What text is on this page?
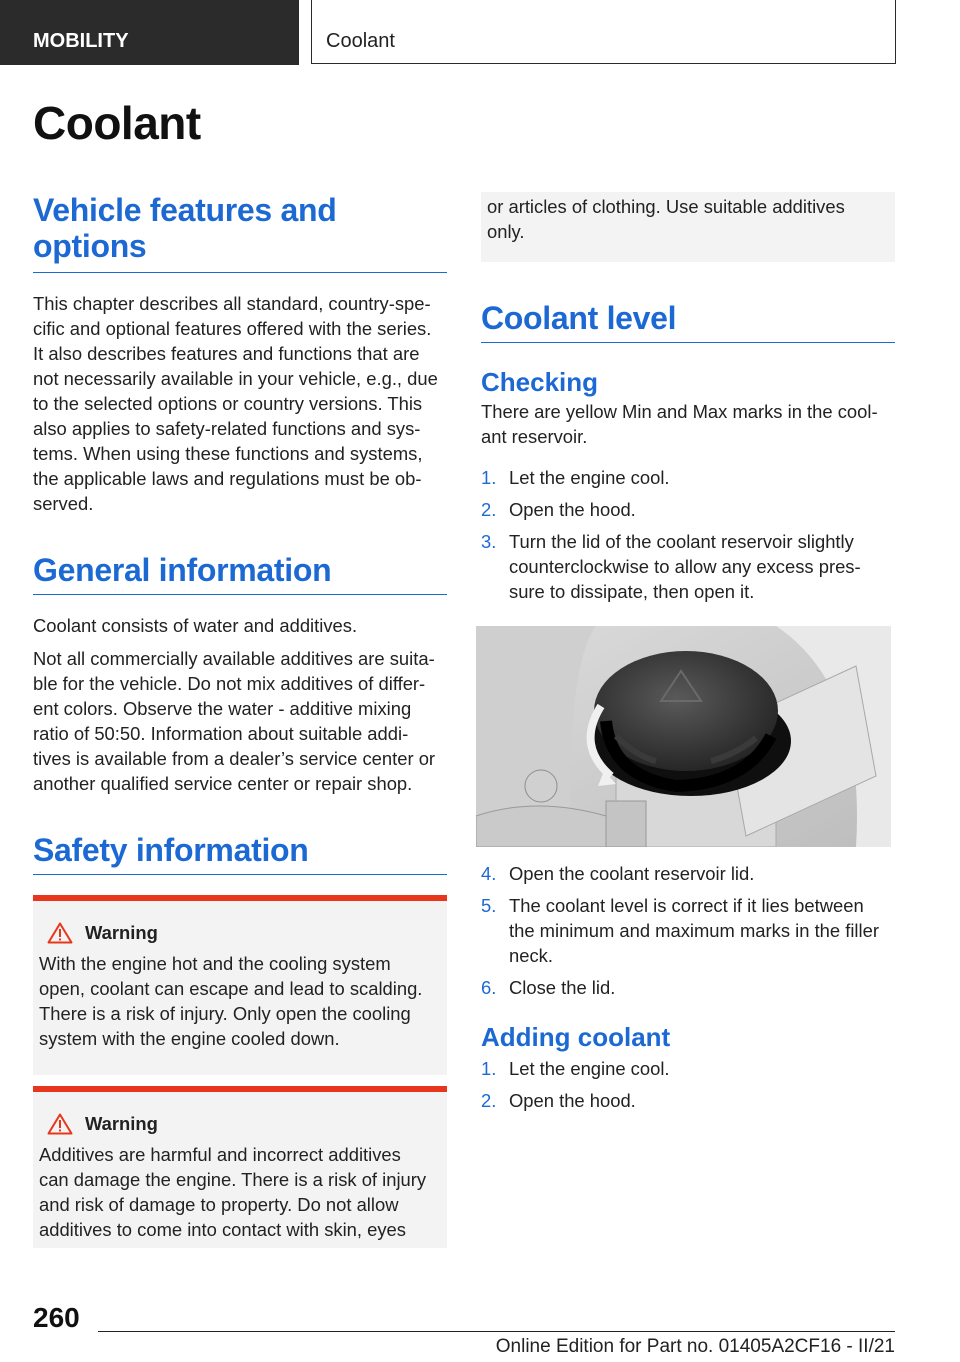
MOBILITY	Coolant
Coolant
Vehicle features and
options

This chapter describes all standard, country-spe‐
cific and optional features offered with the series.
It also describes features and functions that are
not necessarily available in your vehicle, e.g., due
to the selected options or country versions. This
also applies to safety-related functions and sys‐
tems. When using these functions and systems,
the applicable laws and regulations must be ob‐
served.

General information

Coolant consists of water and additives.

Not all commercially available additives are suita‐
ble for the vehicle. Do not mix additives of differ‐
ent colors. Observe the water - additive mixing
ratio of 50:50. Information about suitable addi‐
tives is available from a dealer’s service center or
another qualified service center or repair shop.

Safety information
Warning

With the engine hot and the cooling system
open, coolant can escape and lead to scalding.
There is a risk of injury. Only open the cooling
system with the engine cooled down.

Warning

Additives are harmful and incorrect additives
can damage the engine. There is a risk of injury
and risk of damage to property. Do not allow
additives to come into contact with skin, eyes

or articles of clothing. Use suitable additives
only.

Coolant level
Checking

There are yellow Min and Max marks in the cool‐
ant reservoir.

1. Let the engine cool.
2. Open the hood.
3. Turn the lid of the coolant reservoir slightly
counterclockwise to allow any excess pres‐
sure to dissipate, then open it.
4. Open the coolant reservoir lid.
5. The coolant level is correct if it lies between
the minimum and maximum marks in the filler
neck.
6. Close the lid.
Adding coolant
1. Let the engine cool.
2. Open the hood.
260
Online Edition for Part no. 01405A2CF16 - II/21
